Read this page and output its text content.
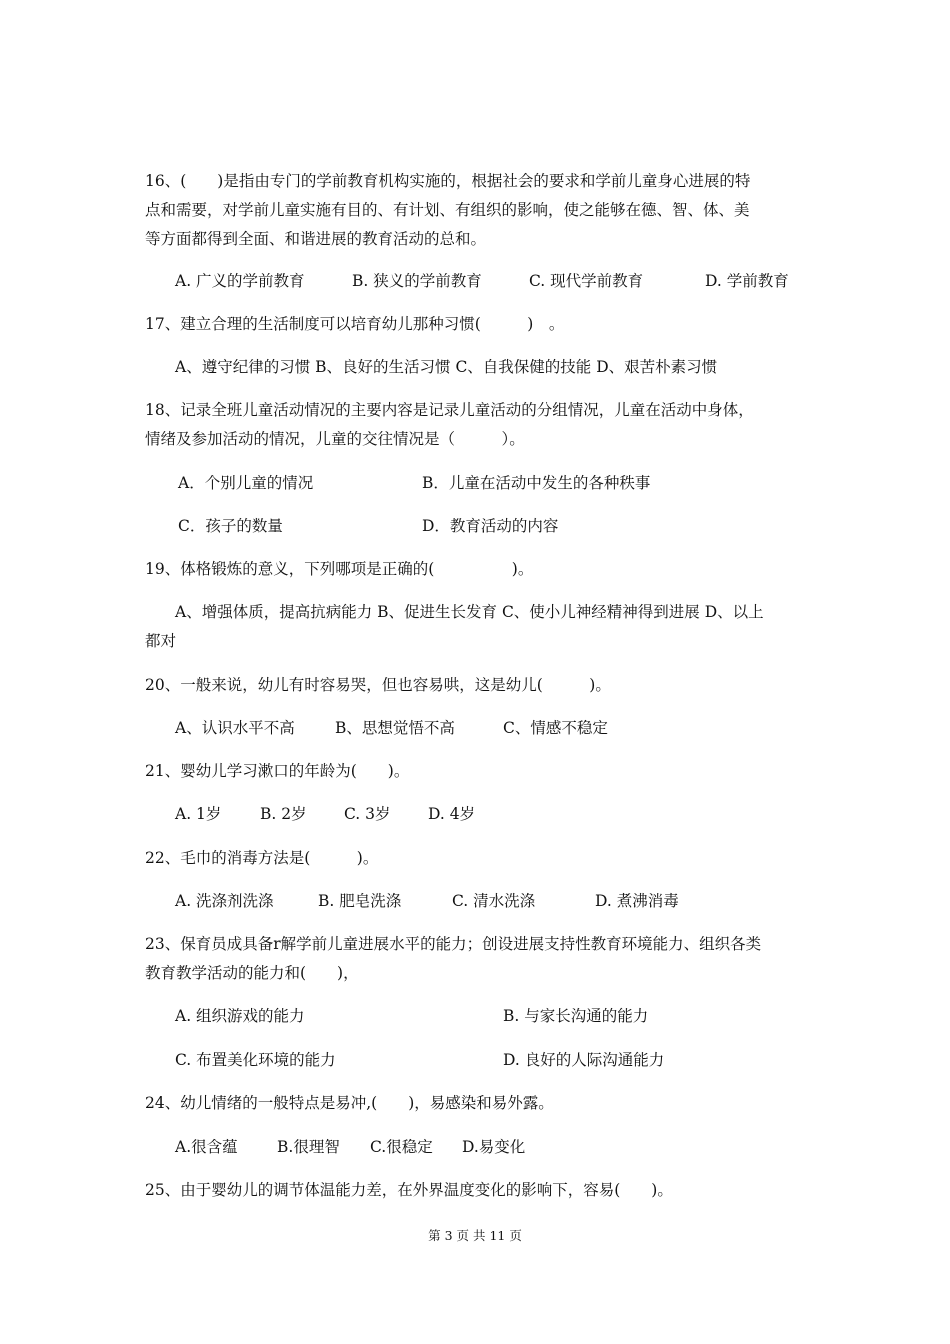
16、(　　)是指由专门的学前教育机构实施的，根据社会的要求和学前儿童身心进展的特
点和需要，对学前儿童实施有目的、有计划、有组织的影响，使之能够在德、智、体、美
等方面都得到全面、和谐进展的教育活动的总和。
A. 广义的学前教育	B. 狭义的学前教育	C. 现代学前教育	D. 学前教育
17、建立合理的生活制度可以培育幼儿那种习惯(　　　)　。
A、遵守纪律的习惯 B、良好的生活习惯 C、自我保健的技能 D、艰苦朴素习惯
18、记录全班儿童活动情况的主要内容是记录儿童活动的分组情况，儿童在活动中身体，
情绪及参加活动的情况，儿童的交往情况是（　　　）。
A．个别儿童的情况	B．儿童在活动中发生的各种秩事
C．孩子的数量	D．教育活动的内容
19、体格锻炼的意义，下列哪项是正确的(　　　　　)。
A、增强体质，提高抗病能力 B、促进生长发育 C、使小儿神经精神得到进展 D、以上
都对
20、一般来说，幼儿有时容易哭，但也容易哄，这是幼儿(　　　)。
A、认识水平不高	B、思想觉悟不高	C、情感不稳定
21、婴幼儿学习漱口的年龄为(　　)。
A. 1岁 B. 2岁 C. 3岁 D. 4岁
22、毛巾的消毒方法是(　　　)。
A. 洗涤剂洗涤	B. 肥皂洗涤	C. 清水洗涤	D. 煮沸消毒
23、保育员成具备r解学前儿童进展水平的能力；创设进展支持性教育环境能力、组织各类
教育教学活动的能力和(　　)，
A. 组织游戏的能力	B. 与家长沟通的能力
C. 布置美化环境的能力	D. 良好的人际沟通能力
24、幼儿情绪的一般特点是易冲,(　　)，易感染和易外露。
A.很含蕴	B.很理智 C.很稳定 D.易变化
25、由于婴幼儿的调节体温能力差，在外界温度变化的影响下，容易(　　)。
第 3 页 共 11 页
